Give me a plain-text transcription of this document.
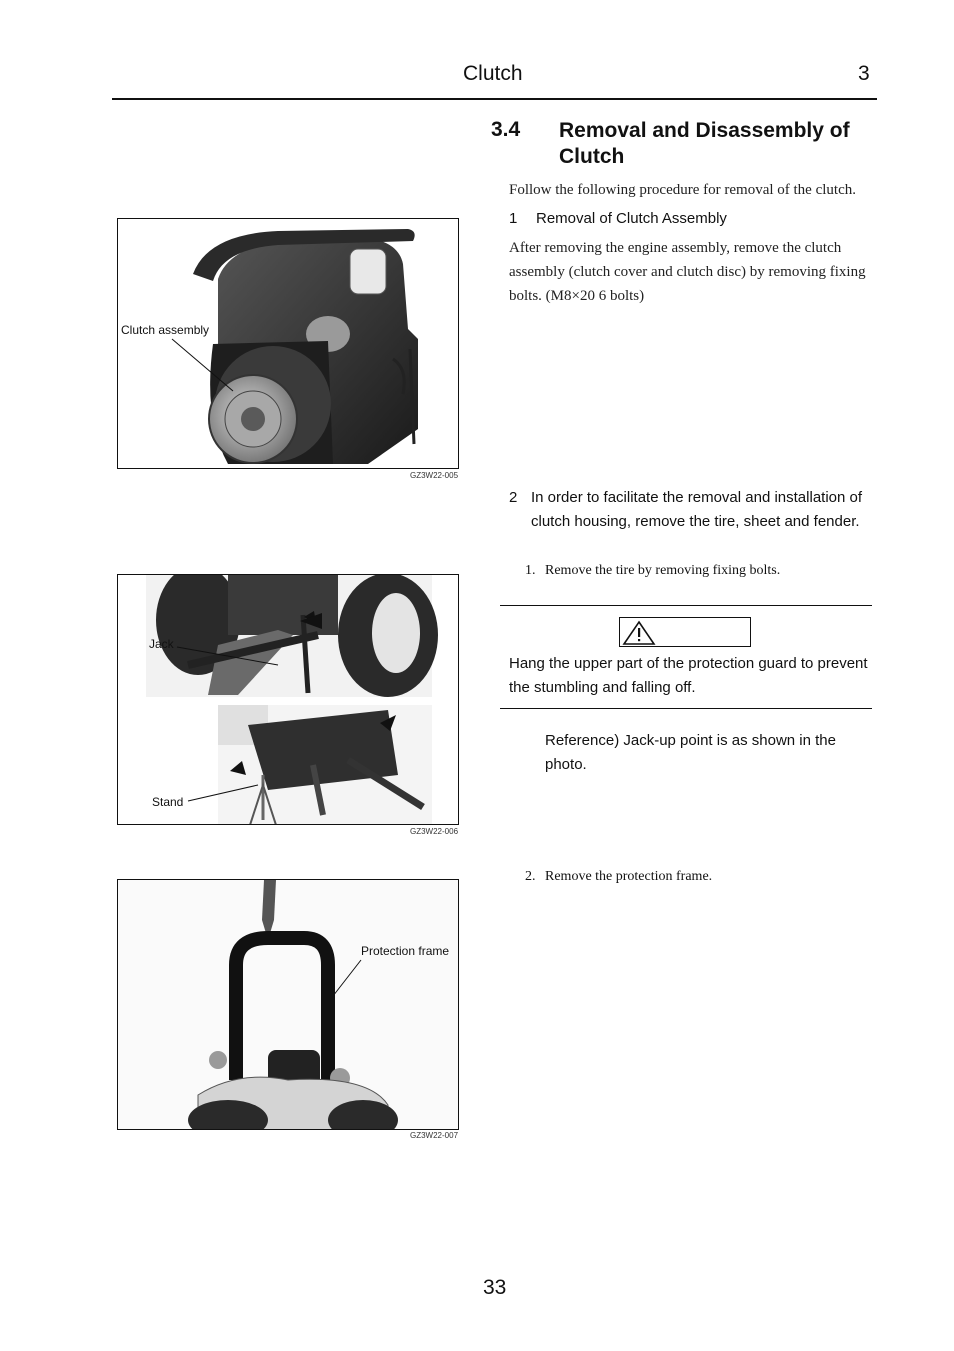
Clutch	3
3.4 Removal and Disassembly of Clutch
Follow the following procedure for removal of the clutch.
1 Removal of Clutch Assembly
After removing the engine assembly, remove the clutch assembly (clutch cover and clutch disc) by removing fixing bolts. (M8×20 6 bolts)
2 In order to facilitate the removal and installation of clutch housing, remove the tire, sheet and fender.
1. Remove the tire by removing fixing bolts.
Hang the upper part of the protection guard to prevent the stumbling and falling off.
Reference) Jack-up point is as shown in the photo.
2. Remove the protection frame.
Clutch assembly
GZ3W22-005
Jack
Stand
GZ3W22-006
Protection frame
GZ3W22-007
33
